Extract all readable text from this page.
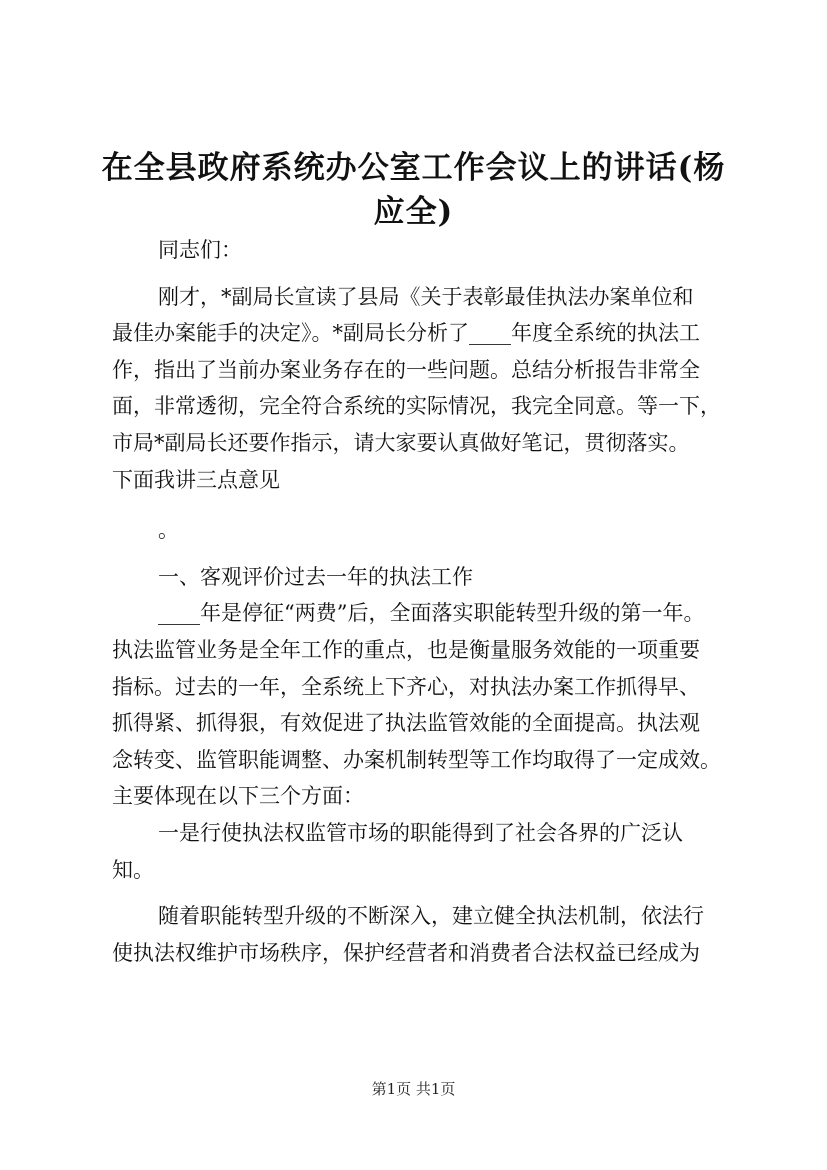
在全县政府系统办公室工作会议上的讲话(杨
应全)

同志们：

刚才，*副局长宣读了县局《关于表彰最佳执法办案单位和
最佳办案能手的决定》。*副局长分析了____年度全系统的执法工
作，指出了当前办案业务存在的一些问题。总结分析报告非常全
面，非常透彻，完全符合系统的实际情况，我完全同意。等一下，
市局*副局长还要作指示，请大家要认真做好笔记，贯彻落实。
下面我讲三点意见

。

一、客观评价过去一年的执法工作

____年是停征“两费”后，全面落实职能转型升级的第一年。
执法监管业务是全年工作的重点，也是衡量服务效能的一项重要
指标。过去的一年，全系统上下齐心，对执法办案工作抓得早、
抓得紧、抓得狠，有效促进了执法监管效能的全面提高。执法观
念转变、监管职能调整、办案机制转型等工作均取得了一定成效。
主要体现在以下三个方面：
一是行使执法权监管市场的职能得到了社会各界的广泛认
知。
随着职能转型升级的不断深入，建立健全执法机制，依法行
使执法权维护市场秩序，保护经营者和消费者合法权益已经成为
第1页 共1页
